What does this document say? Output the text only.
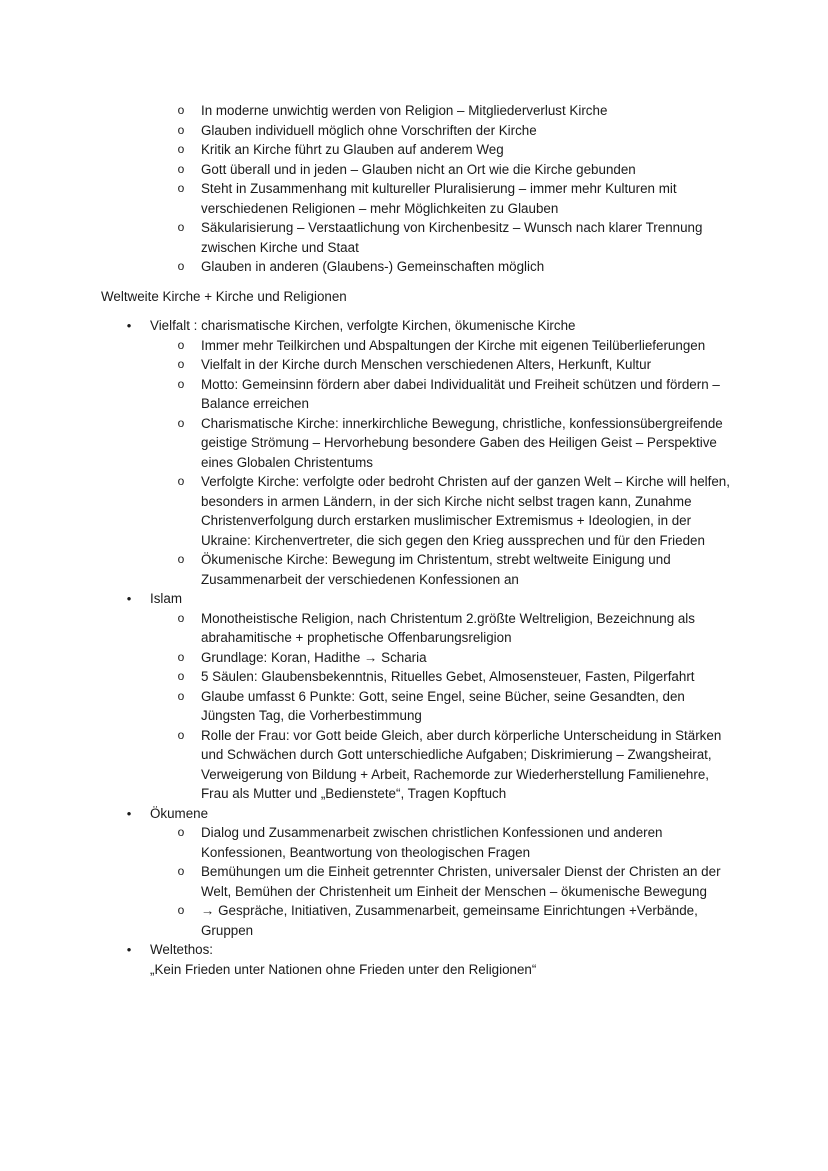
o In moderne unwichtig werden von Religion – Mitgliederverlust Kirche
o Glauben individuell möglich ohne Vorschriften der Kirche
o Kritik an Kirche führt zu Glauben auf anderem Weg
o Gott überall und in jeden – Glauben nicht an Ort wie die Kirche gebunden
o Steht in Zusammenhang mit kultureller Pluralisierung – immer mehr Kulturen mit verschiedenen Religionen – mehr Möglichkeiten zu Glauben
o Säkularisierung – Verstaatlichung von Kirchenbesitz – Wunsch nach klarer Trennung zwischen Kirche und Staat
o Glauben in anderen (Glaubens-) Gemeinschaften möglich
Weltweite Kirche + Kirche und Religionen
• Vielfalt : charismatische Kirchen, verfolgte Kirchen, ökumenische Kirche
o Immer mehr Teilkirchen und Abspaltungen der Kirche mit eigenen Teilüberlieferungen
o Vielfalt in der Kirche durch Menschen verschiedenen Alters, Herkunft, Kultur
o Motto: Gemeinsinn fördern aber dabei Individualität und Freiheit schützen und fördern – Balance erreichen
o Charismatische Kirche: innerkirchliche Bewegung, christliche, konfessionsübergreifende geistige Strömung – Hervorhebung besondere Gaben des Heiligen Geist – Perspektive eines Globalen Christentums
o Verfolgte Kirche: verfolgte oder bedroht Christen auf der ganzen Welt – Kirche will helfen, besonders in armen Ländern, in der sich Kirche nicht selbst tragen kann, Zunahme Christenverfolgung durch erstarken muslimischer Extremismus + Ideologien, in der Ukraine: Kirchenvertreter, die sich gegen den Krieg aussprechen und für den Frieden
o Ökumenische Kirche: Bewegung im Christentum, strebt weltweite Einigung und Zusammenarbeit der verschiedenen Konfessionen an
• Islam
o Monotheistische Religion, nach Christentum 2.größte Weltreligion, Bezeichnung als abrahamitische + prophetische Offenbarungsreligion
o Grundlage: Koran, Hadithe → Scharia
o 5 Säulen: Glaubensbekenntnis, Rituelles Gebet, Almosensteuer, Fasten, Pilgerfahrt
o Glaube umfasst 6 Punkte: Gott, seine Engel, seine Bücher, seine Gesandten, den Jüngsten Tag, die Vorherbestimmung
o Rolle der Frau: vor Gott beide Gleich, aber durch körperliche Unterscheidung in Stärken und Schwächen durch Gott unterschiedliche Aufgaben; Diskrimierung – Zwangsheirat, Verweigerung von Bildung + Arbeit, Rachemorde zur Wiederherstellung Familienehre, Frau als Mutter und „Bedienstete“, Tragen Kopftuch
• Ökumene
o Dialog und Zusammenarbeit zwischen christlichen Konfessionen und anderen Konfessionen, Beantwortung von theologischen Fragen
o Bemühungen um die Einheit getrennter Christen, universaler Dienst der Christen an der Welt, Bemühen der Christenheit um Einheit der Menschen – ökumenische Bewegung
o → Gespräche, Initiativen, Zusammenarbeit, gemeinsame Einrichtungen +Verbände, Gruppen
• Weltethos:
„Kein Frieden unter Nationen ohne Frieden unter den Religionen“
